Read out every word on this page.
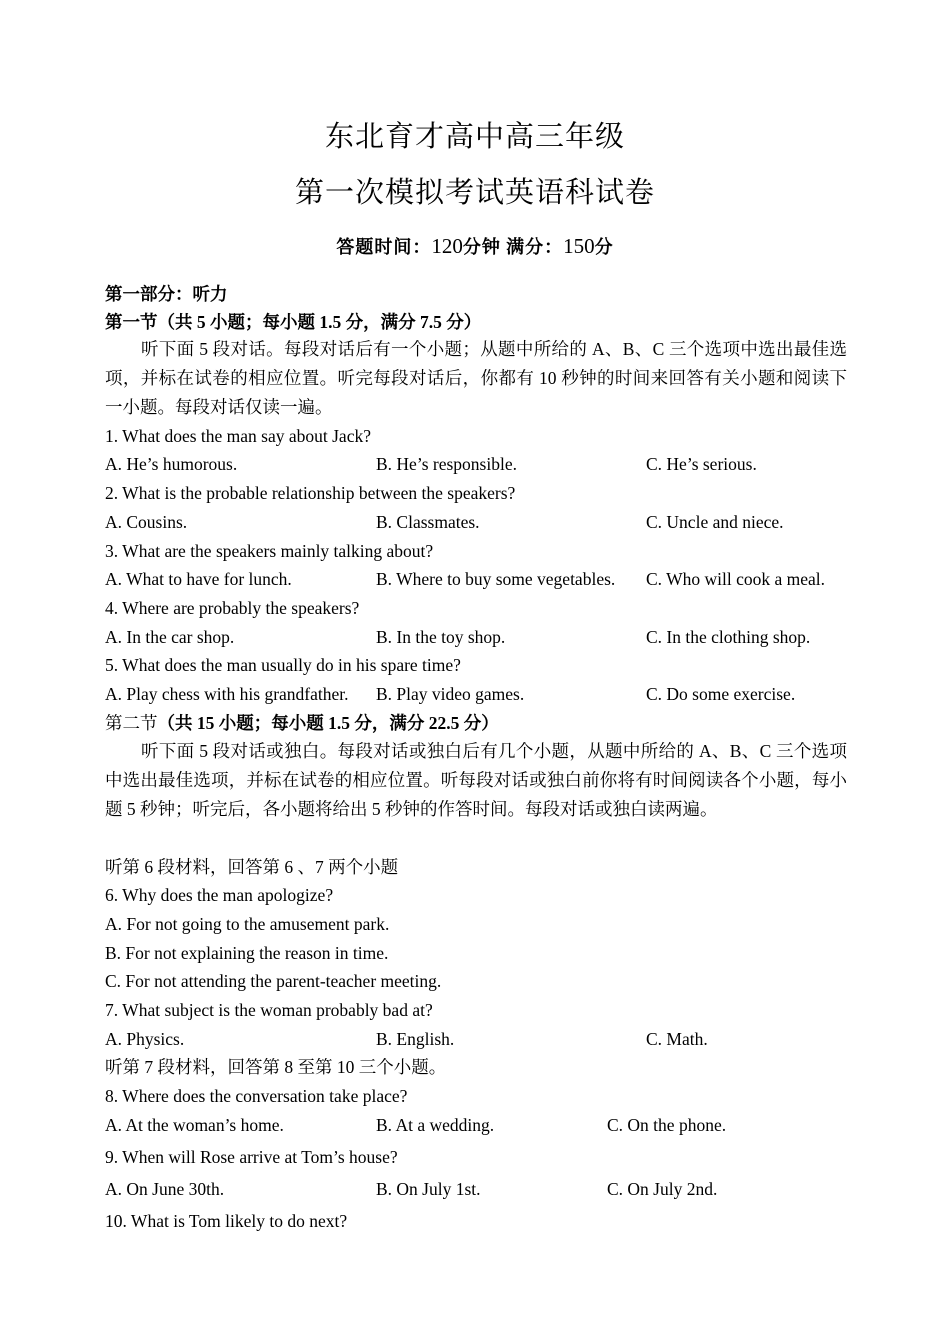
东北育才高中高三年级
第一次模拟考试英语科试卷
答题时间：120分钟 满分：150分
第一部分：听力
第一节（共 5 小题；每小题 1.5 分，满分 7.5 分）
听下面 5 段对话。每段对话后有一个小题；从题中所给的 A、B、C 三个选项中选出最佳选项，并标在试卷的相应位置。听完每段对话后，你都有 10 秒钟的时间来回答有关小题和阅读下一小题。每段对话仅读一遍。
1. What does the man say about Jack?
A. He’s humorous.	B. He’s responsible.	C. He’s serious.
2. What is the probable relationship between the speakers?
A. Cousins.	B. Classmates.	C. Uncle and niece.
3. What are the speakers mainly talking about?
A. What to have for lunch.	B. Where to buy some vegetables. C. Who will cook a meal.
4. Where are probably the speakers?
A. In the car shop.	B. In the toy shop.	C. In the clothing shop.
5. What does the man usually do in his spare time?
A. Play chess with his grandfather. B. Play video games.	C. Do some exercise.
第二节（共 15 小题；每小题 1.5 分，满分 22.5 分）
听下面 5 段对话或独白。每段对话或独白后有几个小题，从题中所给的 A、B、C 三个选项中选出最佳选项，并标在试卷的相应位置。听每段对话或独白前你将有时间阅读各个小题，每小题 5 秒钟；听完后，各小题将给出 5 秒钟的作答时间。每段对话或独白读两遍。
听第 6 段材料，回答第 6 、7 两个小题
6. Why does the man apologize?
A. For not going to the amusement park.
B. For not explaining the reason in time.
C. For not attending the parent-teacher meeting.
7. What subject is the woman probably bad at?
A. Physics.	B. English.	C. Math.
听第 7 段材料，回答第 8 至第 10 三个小题。
8. Where does the conversation take place?
A. At the woman’s home.	B. At a wedding.	C. On the phone.
9. When will Rose arrive at Tom’s house?
A. On June 30th.	B. On July 1st.	C. On July 2nd.
10. What is Tom likely to do next?
